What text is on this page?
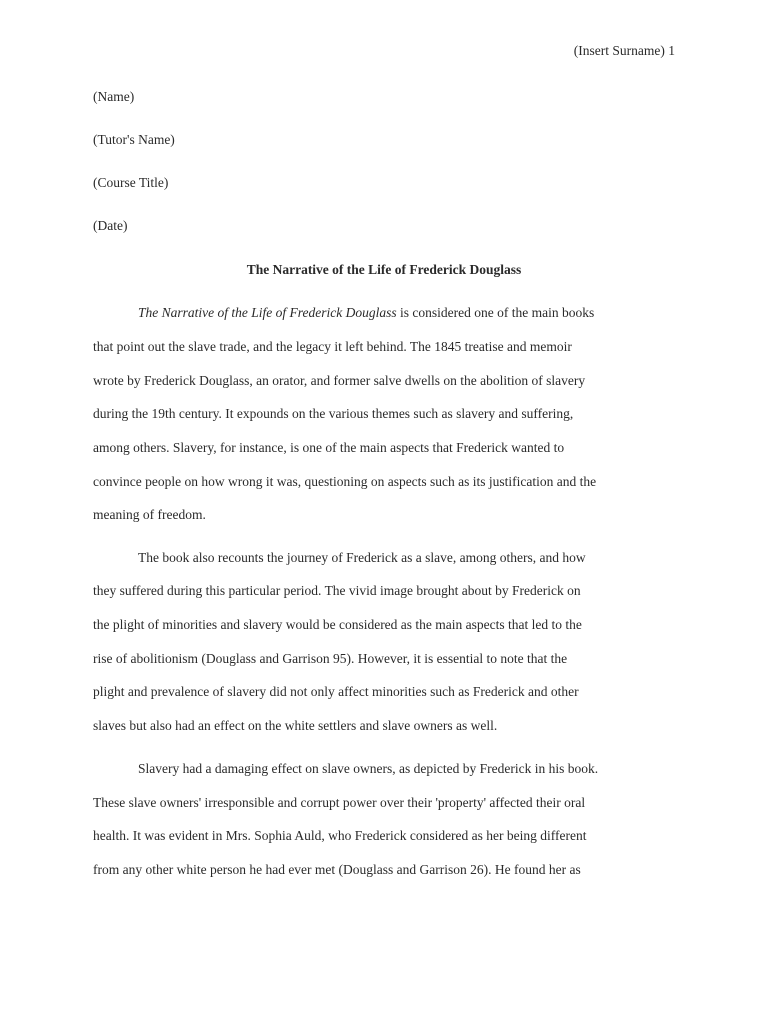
(Insert Surname) 1
(Name)
(Tutor's Name)
(Course Title)
(Date)
The Narrative of the Life of Frederick Douglass
The Narrative of the Life of Frederick Douglass is considered one of the main books
that point out the slave trade, and the legacy it left behind. The 1845 treatise and memoir
wrote by Frederick Douglass, an orator, and former salve dwells on the abolition of slavery
during the 19th century. It expounds on the various themes such as slavery and suffering,
among others. Slavery, for instance, is one of the main aspects that Frederick wanted to
convince people on how wrong it was, questioning on aspects such as its justification and the
meaning of freedom.
The book also recounts the journey of Frederick as a slave, among others, and how
they suffered during this particular period. The vivid image brought about by Frederick on
the plight of minorities and slavery would be considered as the main aspects that led to the
rise of abolitionism (Douglass and Garrison 95). However, it is essential to note that the
plight and prevalence of slavery did not only affect minorities such as Frederick and other
slaves but also had an effect on the white settlers and slave owners as well.
Slavery had a damaging effect on slave owners, as depicted by Frederick in his book.
These slave owners' irresponsible and corrupt power over their 'property' affected their oral
health. It was evident in Mrs. Sophia Auld, who Frederick considered as her being different
from any other white person he had ever met (Douglass and Garrison 26). He found her as
